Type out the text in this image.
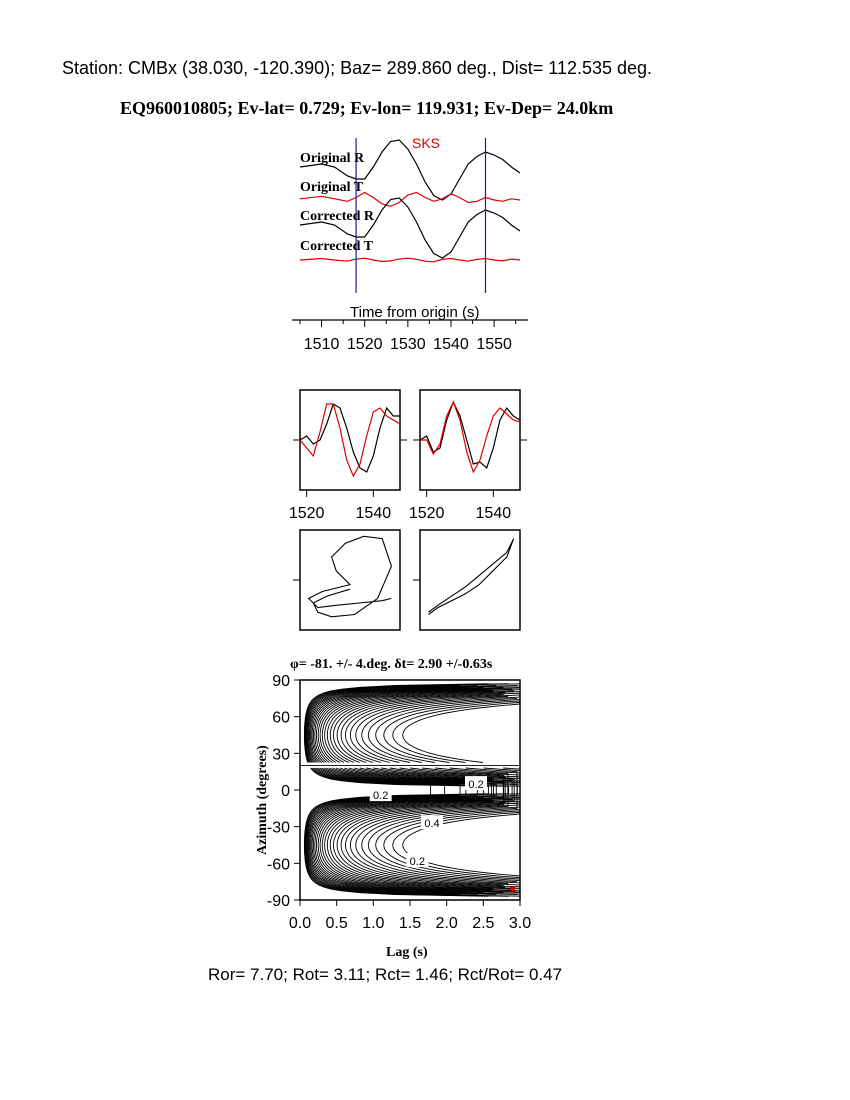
Station: CMBx (38.030, -120.390); Baz= 289.860 deg., Dist= 112.535 deg.
EQ960010805; Ev-lat= 0.729; Ev-lon= 119.931; Ev-Dep= 24.0km
SKS
Original R
Original T
Corrected R
Corrected T
Time from origin (s)
1510 1520 1530 1540 1550
1520 1540 1520 1540
φ= -81. +/- 4.deg. δt= 2.90 +/-0.63s
0.0 0.5 1.0 1.5 2.0 2.5 3.0
90
60
30
0
-30
-60
-90
0.2
0.2
0.4
0.2
Lag (s)
Azimuth (degrees)
Ror= 7.70; Rot= 3.11; Rct= 1.46; Rct/Rot= 0.47
